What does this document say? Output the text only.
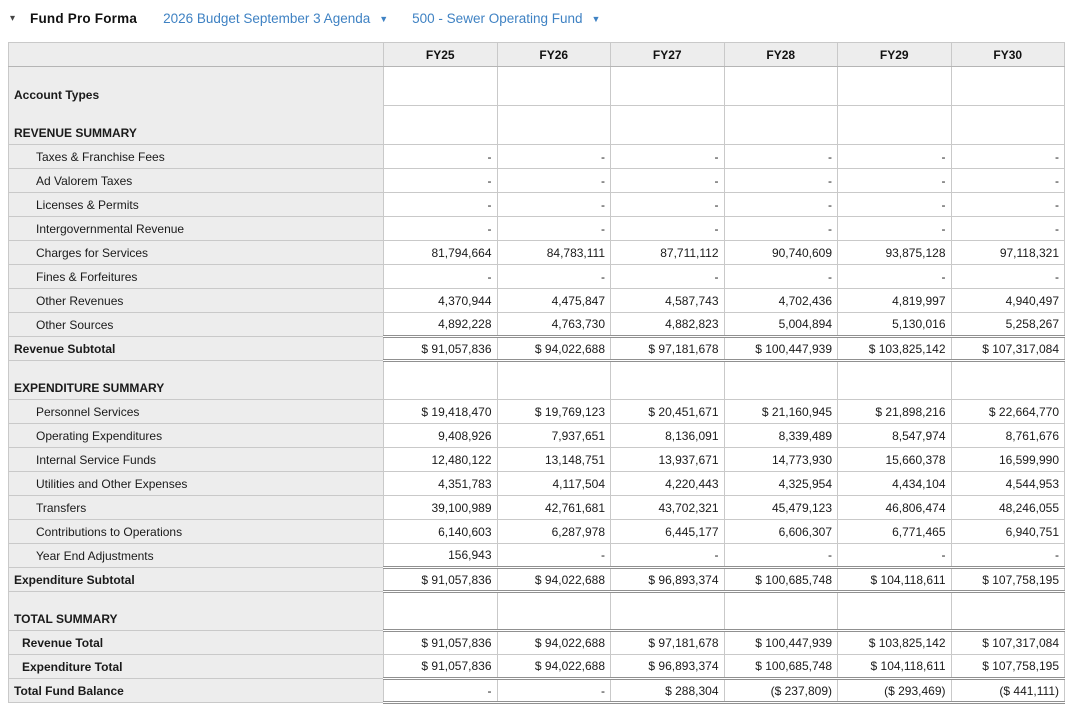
▾	Fund Pro Forma 2026 Budget September 3 Agenda ▼ 500 - Sewer Operating Fund ▼
	FY25	FY26	FY27	FY28	FY29	FY30
Account Types						
REVENUE SUMMARY						
Taxes & Franchise Fees	-	-	-	-	-	-
Ad Valorem Taxes	-	-	-	-	-	-
Licenses & Permits	-	-	-	-	-	-
Intergovernmental Revenue	-	-	-	-	-	-
Charges for Services	81,794,664	84,783,111	87,711,112	90,740,609	93,875,128	97,118,321
Fines & Forfeitures	-	-	-	-	-	-
Other Revenues	4,370,944	4,475,847	4,587,743	4,702,436	4,819,997	4,940,497
Other Sources	4,892,228	4,763,730	4,882,823	5,004,894	5,130,016	5,258,267
Revenue Subtotal	$ 91,057,836	$ 94,022,688	$ 97,181,678	$ 100,447,939	$ 103,825,142	$ 107,317,084
EXPENDITURE SUMMARY						
Personnel Services	$ 19,418,470	$ 19,769,123	$ 20,451,671	$ 21,160,945	$ 21,898,216	$ 22,664,770
Operating Expenditures	9,408,926	7,937,651	8,136,091	8,339,489	8,547,974	8,761,676
Internal Service Funds	12,480,122	13,148,751	13,937,671	14,773,930	15,660,378	16,599,990
Utilities and Other Expenses	4,351,783	4,117,504	4,220,443	4,325,954	4,434,104	4,544,953
Transfers	39,100,989	42,761,681	43,702,321	45,479,123	46,806,474	48,246,055
Contributions to Operations	6,140,603	6,287,978	6,445,177	6,606,307	6,771,465	6,940,751
Year End Adjustments	156,943	-	-	-	-	-
Expenditure Subtotal	$ 91,057,836	$ 94,022,688	$ 96,893,374	$ 100,685,748	$ 104,118,611	$ 107,758,195
TOTAL SUMMARY						
Revenue Total	$ 91,057,836	$ 94,022,688	$ 97,181,678	$ 100,447,939	$ 103,825,142	$ 107,317,084
Expenditure Total	$ 91,057,836	$ 94,022,688	$ 96,893,374	$ 100,685,748	$ 104,118,611	$ 107,758,195
Total Fund Balance	-	-	$ 288,304	($ 237,809)	($ 293,469)	($ 441,111)
